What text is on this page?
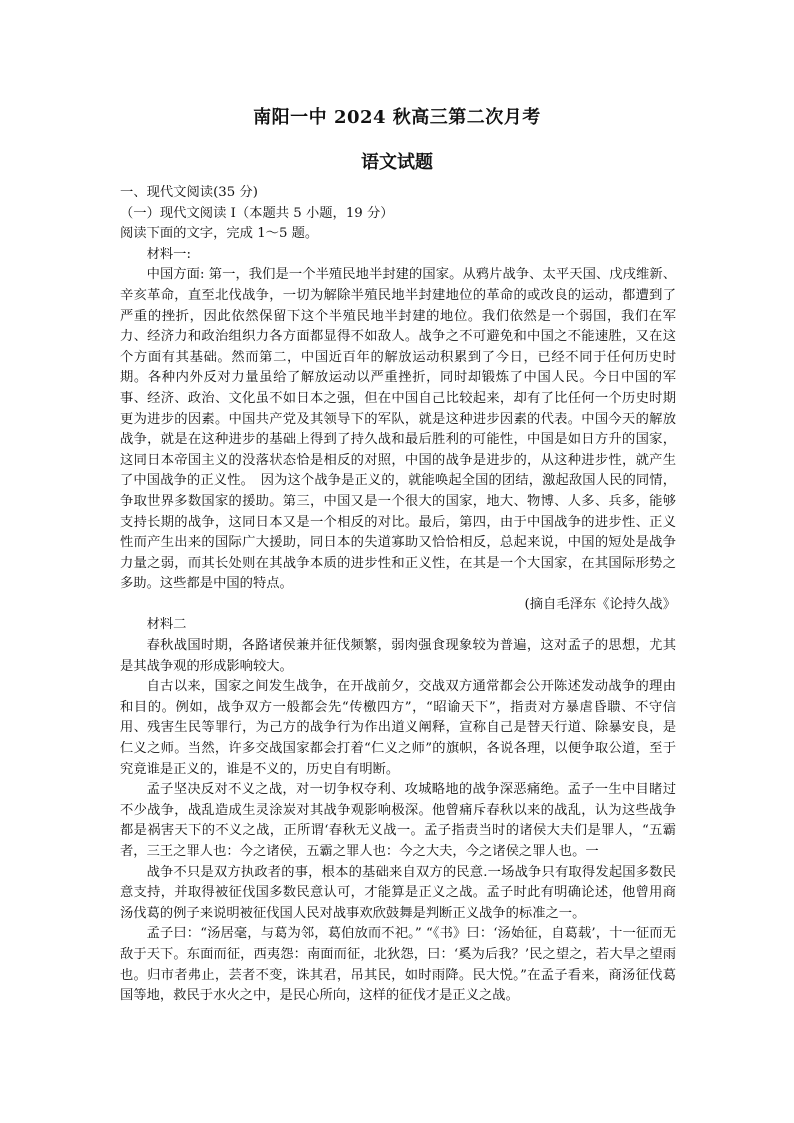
南阳一中 2024 秋高三第二次月考
语文试题

一、现代文阅读(35 分)

（一）现代文阅读 I（本题共 5 小题，19 分）

阅读下面的文字，完成 1～5 题。

材料一:

中国方面: 第一，我们是一个半殖民地半封建的国家。从鸦片战争、太平天国、戊戌维新、辛亥革命，直至北伐战争，一切为解除半殖民地半封建地位的革命的或改良的运动，都遭到了严重的挫折，因此依然保留下这个半殖民地半封建的地位。我们依然是一个弱国，我们在军力、经济力和政治组织力各方面都显得不如敌人。战争之不可避免和中国之不能速胜，又在这个方面有其基础。然而第二，中国近百年的解放运动积累到了今日，已经不同于任何历史时期。各种内外反对力量虽给了解放运动以严重挫折，同时却锻炼了中国人民。今日中国的军事、经济、政治、文化虽不如日本之强，但在中国自己比较起来，却有了比任何一个历史时期更为进步的因素。中国共产党及其领导下的军队，就是这种进步因素的代表。中国今天的解放战争，就是在这种进步的基础上得到了持久战和最后胜利的可能性，中国是如日方升的国家，这同日本帝国主义的没落状态恰是相反的对照，中国的战争是进步的，从这种进步性，就产生了中国战争的正义性。　因为这个战争是正义的，就能唤起全国的团结，激起敌国人民的同情，争取世界多数国家的援助。第三，中国又是一个很大的国家，地大、物博、人多、兵多，能够支持长期的战争，这同日本又是一个相反的对比。最后，第四，由于中国战争的进步性、正义性而产生出来的国际广大援助，同日本的失道寡助又恰恰相反，总起来说，中国的短处是战争力量之弱，而其长处则在其战争本质的进步性和正义性，在其是一个大国家，在其国际形势之多助。这些都是中国的特点。

(摘自毛泽东《论持久战》

材料二

春秋战国时期，各路诸侯兼并征伐频繁，弱肉强食现象较为普遍，这对孟子的思想，尤其是其战争观的形成影响较大。

自古以来，国家之间发生战争，在开战前夕，交战双方通常都会公开陈述发动战争的理由和目的。例如，战争双方一般都会先“传檄四方”，“昭谕天下”，指责对方暴虐昏聩、不守信用、残害生民等罪行，为己方的战争行为作出道义阐释，宣称自己是替天行道、除暴安良，是仁义之师。当然，许多交战国家都会打着“仁义之师”的旗帜，各说各理，以便争取公道，至于究竟谁是正义的，谁是不义的，历史自有明断。

孟子坚决反对不义之战，对一切争权夺利、攻城略地的战争深恶痛绝。孟子一生中目睹过不少战争，战乱造成生灵涂炭对其战争观影响极深。他曾痛斥春秋以来的战乱，认为这些战争都是祸害天下的不义之战，正所谓‘春秋无义战一。孟子指责当时的诸侯大夫们是罪人，“五霸者，三王之罪人也：今之诸侯，五霸之罪人也：今之大夫，今之诸侯之罪人也。一

战争不只是双方执政者的事，根本的基础来自双方的民意.一场战争只有取得发起国多数民意支持，并取得被征伐国多数民意认可，才能算是正义之战。孟子时此有明确论述，他曾用商汤伐葛的例子来说明被征伐国人民对战事欢欣鼓舞是判断正义战争的标准之一。

孟子曰：“汤居毫，与葛为邻，葛伯放而不祀。” “《书》曰：‘汤始征，自葛载’，十一征而无敌于天下。东面而征，西夷怨：南面而征，北狄怨，曰：‘奚为后我？’民之望之，若大旱之望雨也。归市者弗止，芸者不变，诛其君，吊其民，如时雨降。民大悦。”在孟子看来，商汤征伐葛国等地，救民于水火之中，是民心所向，这样的征伐才是正义之战。
